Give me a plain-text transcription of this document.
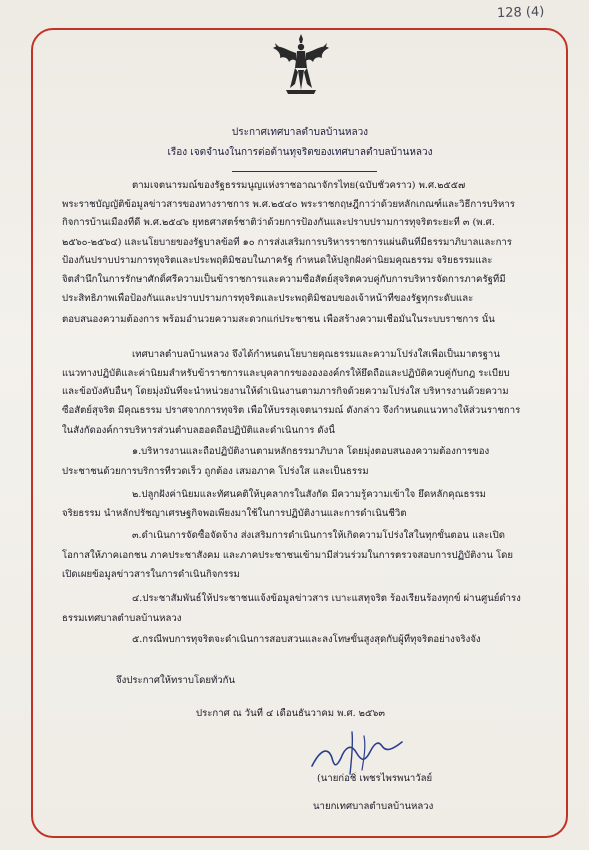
128 (4)
ประกาศเทศบาลตำบลบ้านหลวง
เรื่อง เจตจำนงในการต่อต้านทุจริตของเทศบาลตำบลบ้านหลวง
ตามเจตนารมณ์ของรัฐธรรมนูญแห่งราชอาณาจักรไทย(ฉบับชั่วคราว) พ.ศ.๒๕๕๗
พระราชบัญญัติข้อมูลข่าวสารของทางราชการ พ.ศ.๒๕๔๐ พระราชกฤษฎีกาว่าด้วยหลักเกณฑ์และวิธีการบริหาร
กิจการบ้านเมืองที่ดี พ.ศ.๒๕๔๖ ยุทธศาสตร์ชาติว่าด้วยการป้องกันและปราบปรามการทุจริตระยะที่ ๓ (พ.ศ.
๒๕๖๐-๒๕๖๔) และนโยบายของรัฐบาลข้อที่ ๑๐ การส่งเสริมการบริหารราชการแผ่นดินที่มีธรรมาภิบาลและการ
ป้องกันปราบปรามการทุจริตและประพฤติมิชอบในภาครัฐ กำหนดให้ปลูกฝังค่านิยมคุณธรรม จริยธรรมและ
จิตสำนึกในการรักษาศักดิ์ศรีความเป็นข้าราชการและความซื่อสัตย์สุจริตควบคู่กับการบริหารจัดการภาครัฐที่มี
ประสิทธิภาพเพื่อป้องกันและปราบปรามการทุจริตและประพฤติมิชอบของเจ้าหน้าที่ของรัฐทุกระดับและ
ตอบสนองความต้องการ พร้อมอำนวยความสะดวกแก่ประชาชน เพื่อสร้างความเชื่อมั่นในระบบราชการ นั้น
เทศบาลตำบลบ้านหลวง จึงได้กำหนดนโยบายคุณธรรมและความโปร่งใสเพื่อเป็นมาตรฐาน
แนวทางปฏิบัติและค่านิยมสำหรับข้าราชการและบุคลากรของององค์กรให้ยึดถือและปฏิบัติควบคู่กับกฎ ระเบียบ
และข้อบังคับอื่นๆ โดยมุ่งมั่นที่จะนำหน่วยงานให้ดำเนินงานตามภารกิจด้วยความโปร่งใส บริหารงานด้วยความ
ซื่อสัตย์สุจริต มีคุณธรรม ปราศจากการทุจริต เพื่อให้บรรลุเจตนารมณ์ ดังกล่าว จึงกำหนดแนวทางให้ส่วนราชการ
ในสังกัดองค์การบริหารส่วนตำบลฮอดถือปฏิบัติและดำเนินการ ดังนี้
๑.บริหารงานและถือปฏิบัติงานตามหลักธรรมาภิบาล โดยมุ่งตอบสนองความต้องการของ
ประชาชนด้วยการบริการที่รวดเร็ว ถูกต้อง เสมอภาค โปร่งใส และเป็นธรรม
๒.ปลูกฝังค่านิยมและทัศนคติให้บุคลากรในสังกัด มีความรู้ความเข้าใจ ยึดหลักคุณธรรม
จริยธรรม นำหลักปรัชญาเศรษฐกิจพอเพียงมาใช้ในการปฏิบัติงานและการดำเนินชีวิต
๓.ดำเนินการจัดซื้อจัดจ้าง ส่งเสริมการดำเนินการให้เกิดความโปร่งใสในทุกขั้นตอน และเปิด
โอกาสให้ภาคเอกชน ภาคประชาสังคม และภาคประชาชนเข้ามามีส่วนร่วมในการตรวจสอบการปฏิบัติงาน โดย
เปิดเผยข้อมูลข่าวสารในการดำเนินกิจกรรม
๔.ประชาสัมพันธ์ให้ประชาชนแจ้งข้อมูลข่าวสาร เบาะแสทุจริต ร้องเรียนร้องทุกข์ ผ่านศูนย์ดำรง
ธรรมเทศบาลตำบลบ้านหลวง
๕.กรณีพบการทุจริตจะดำเนินการสอบสวนและลงโทษขั้นสูงสุดกับผู้ที่ทุจริตอย่างจริงจัง
จึงประกาศให้ทราบโดยทั่วกัน
ประกาศ ณ วันที่ ๔ เดือนธันวาคม พ.ศ. ๒๕๖๓
(นายก่อชิ่ เพชรไพรพนาวัลย์
นายกเทศบาลตำบลบ้านหลวง
